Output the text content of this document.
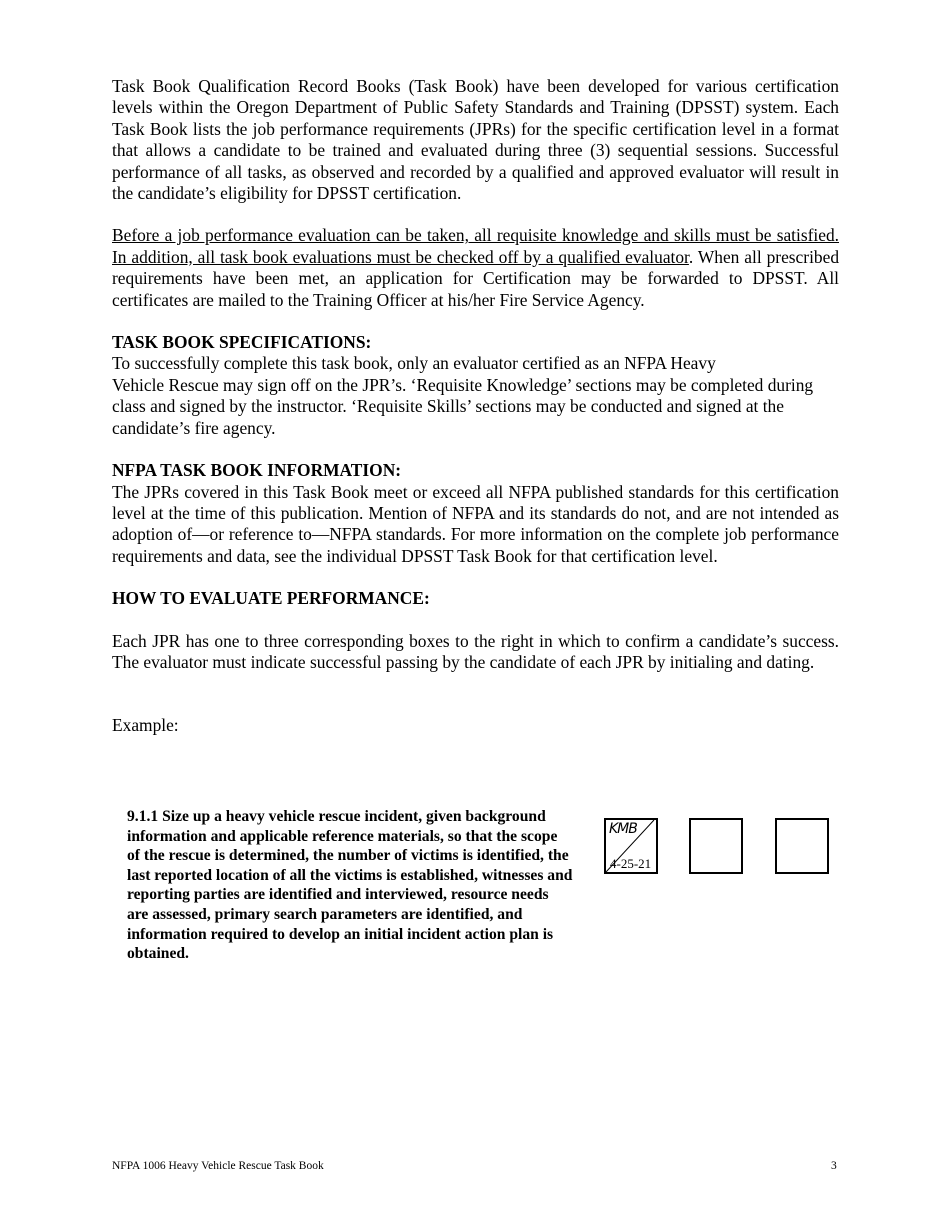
Task Book Qualification Record Books (Task Book) have been developed for various certification levels within the Oregon Department of Public Safety Standards and Training (DPSST) system. Each Task Book lists the job performance requirements (JPRs) for the specific certification level in a format that allows a candidate to be trained and evaluated during three (3) sequential sessions. Successful performance of all tasks, as observed and recorded by a qualified and approved evaluator will result in the candidate’s eligibility for DPSST certification.

Before a job performance evaluation can be taken, all requisite knowledge and skills must be satisfied. In addition, all task book evaluations must be checked off by a qualified evaluator. When all prescribed requirements have been met, an application for Certification may be forwarded to DPSST. All certificates are mailed to the Training Officer at his/her Fire Service Agency.

TASK BOOK SPECIFICATIONS:

To successfully complete this task book, only an evaluator certified as an NFPA Heavy

Vehicle Rescue may sign off on the JPR’s. ‘Requisite Knowledge’ sections may be completed during class and signed by the instructor. ‘Requisite Skills’ sections may be conducted and signed at the candidate’s fire agency.

NFPA TASK BOOK INFORMATION:

The JPRs covered in this Task Book meet or exceed all NFPA published standards for this certification level at the time of this publication. Mention of NFPA and its standards do not, and are not intended as adoption of—or reference to—NFPA standards. For more information on the complete job performance requirements and data, see the individual DPSST Task Book for that certification level.

HOW TO EVALUATE PERFORMANCE:

Each JPR has one to three corresponding boxes to the right in which to confirm a candidate’s success. The evaluator must indicate successful passing by the candidate of each JPR by initialing and dating.

Example:

9.1.1 Size up a heavy vehicle rescue incident, given background information and applicable reference materials, so that the scope of the rescue is determined, the number of victims is identified, the last reported location of all the victims is established, witnesses and reporting parties are identified and interviewed, resource needs are assessed, primary search parameters are identified, and information required to develop an initial incident action plan is obtained.
KMB
4-25-21
NFPA 1006 Heavy Vehicle Rescue Task Book	3
